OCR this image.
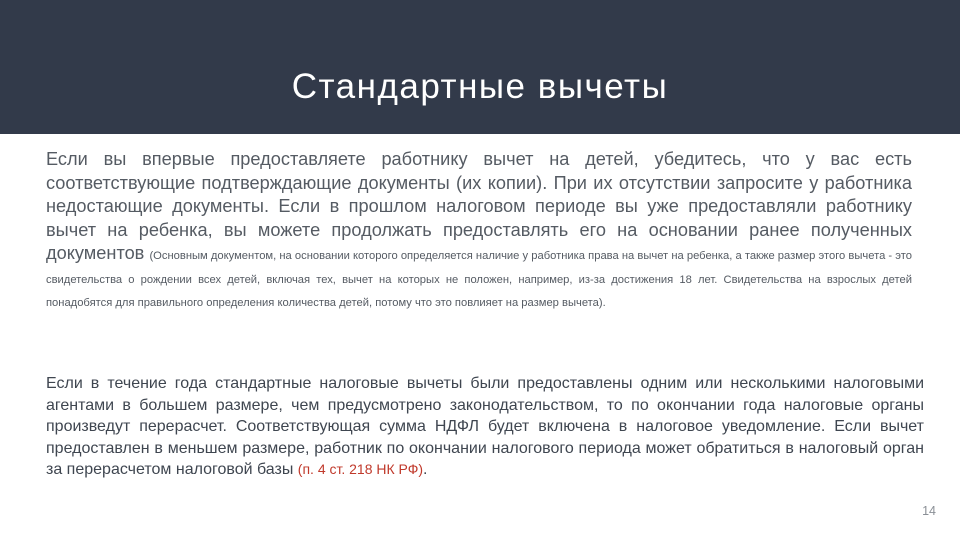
Стандартные вычеты

Если вы впервые предоставляете работнику вычет на детей, убедитесь, что у вас есть соответствующие подтверждающие документы (их копии). При их отсутствии запросите у работника недостающие документы. Если в прошлом налоговом периоде вы уже предоставляли работнику вычет на ребенка, вы можете продолжать предоставлять его на основании ранее полученных документов (Основным документом, на основании которого определяется наличие у работника права на вычет на ребенка, а также размер этого вычета - это свидетельства о рождении всех детей, включая тех, вычет на которых не положен, например, из-за достижения 18 лет. Свидетельства на взрослых детей понадобятся для правильного определения количества детей, потому что это повлияет на размер вычета).

Если в течение года стандартные налоговые вычеты были предоставлены одним или несколькими налоговыми агентами в большем размере, чем предусмотрено законодательством, то по окончании года налоговые органы произведут перерасчет. Соответствующая сумма НДФЛ будет включена в налоговое уведомление. Если вычет предоставлен в меньшем размере, работник по окончании налогового периода может обратиться в налоговый орган за перерасчетом налоговой базы (п. 4 ст. 218 НК РФ).

14
